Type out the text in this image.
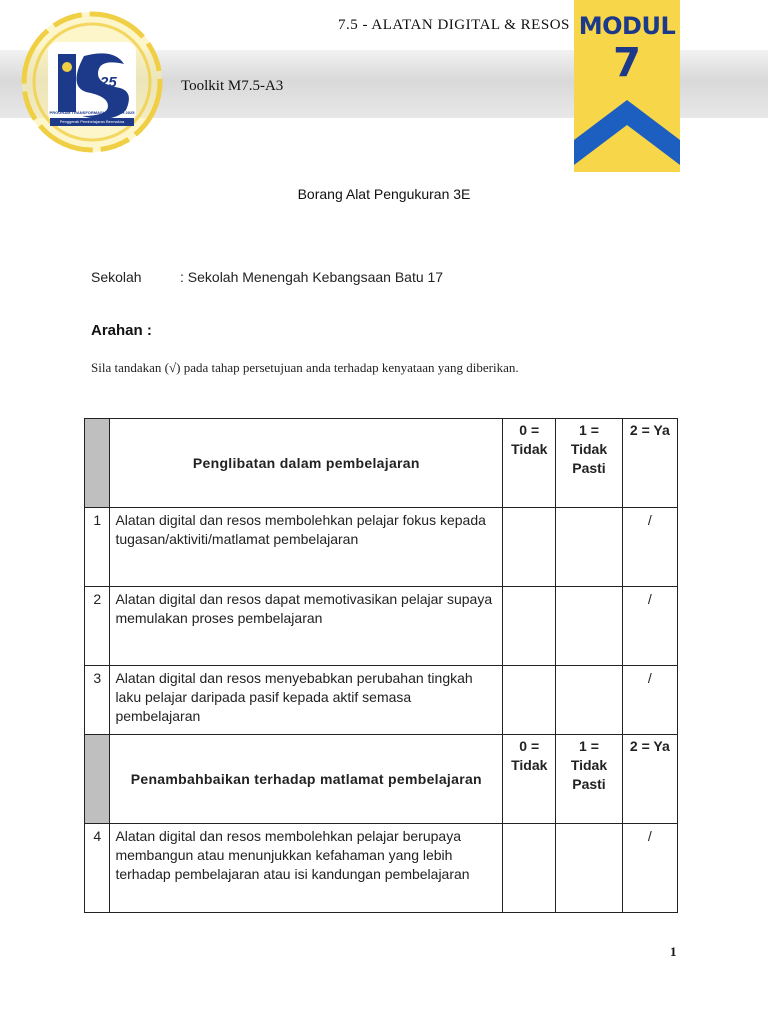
7.5 - ALATAN DIGITAL & RESOS
Toolkit M7.5-A3
25
PROGRAM TRANSFORMASI SEKOLAH 2025
Penggerak Pembelajaran Bermakna
MODUL
7
Borang Alat Pengukuran 3E
Sekolah	: Sekolah Menengah Kebangsaan Batu 17
Arahan :
Sila tandakan (√) pada tahap persetujuan anda terhadap kenyataan yang diberikan.
	Penglibatan dalam pembelajaran	0 = Tidak	1 = Tidak Pasti	2 = Ya
1	Alatan digital dan resos membolehkan pelajar fokus kepada tugasan/aktiviti/matlamat pembelajaran			/
2	Alatan digital dan resos dapat memotivasikan pelajar supaya memulakan proses pembelajaran			/
3	Alatan digital dan resos menyebabkan perubahan tingkah laku pelajar daripada pasif kepada aktif semasa pembelajaran			/
	Penambahbaikan terhadap matlamat pembelajaran	0 = Tidak	1 = Tidak Pasti	2 = Ya
4	Alatan digital dan resos membolehkan pelajar berupaya membangun atau menunjukkan kefahaman yang lebih terhadap pembelajaran atau isi kandungan pembelajaran			/
1
